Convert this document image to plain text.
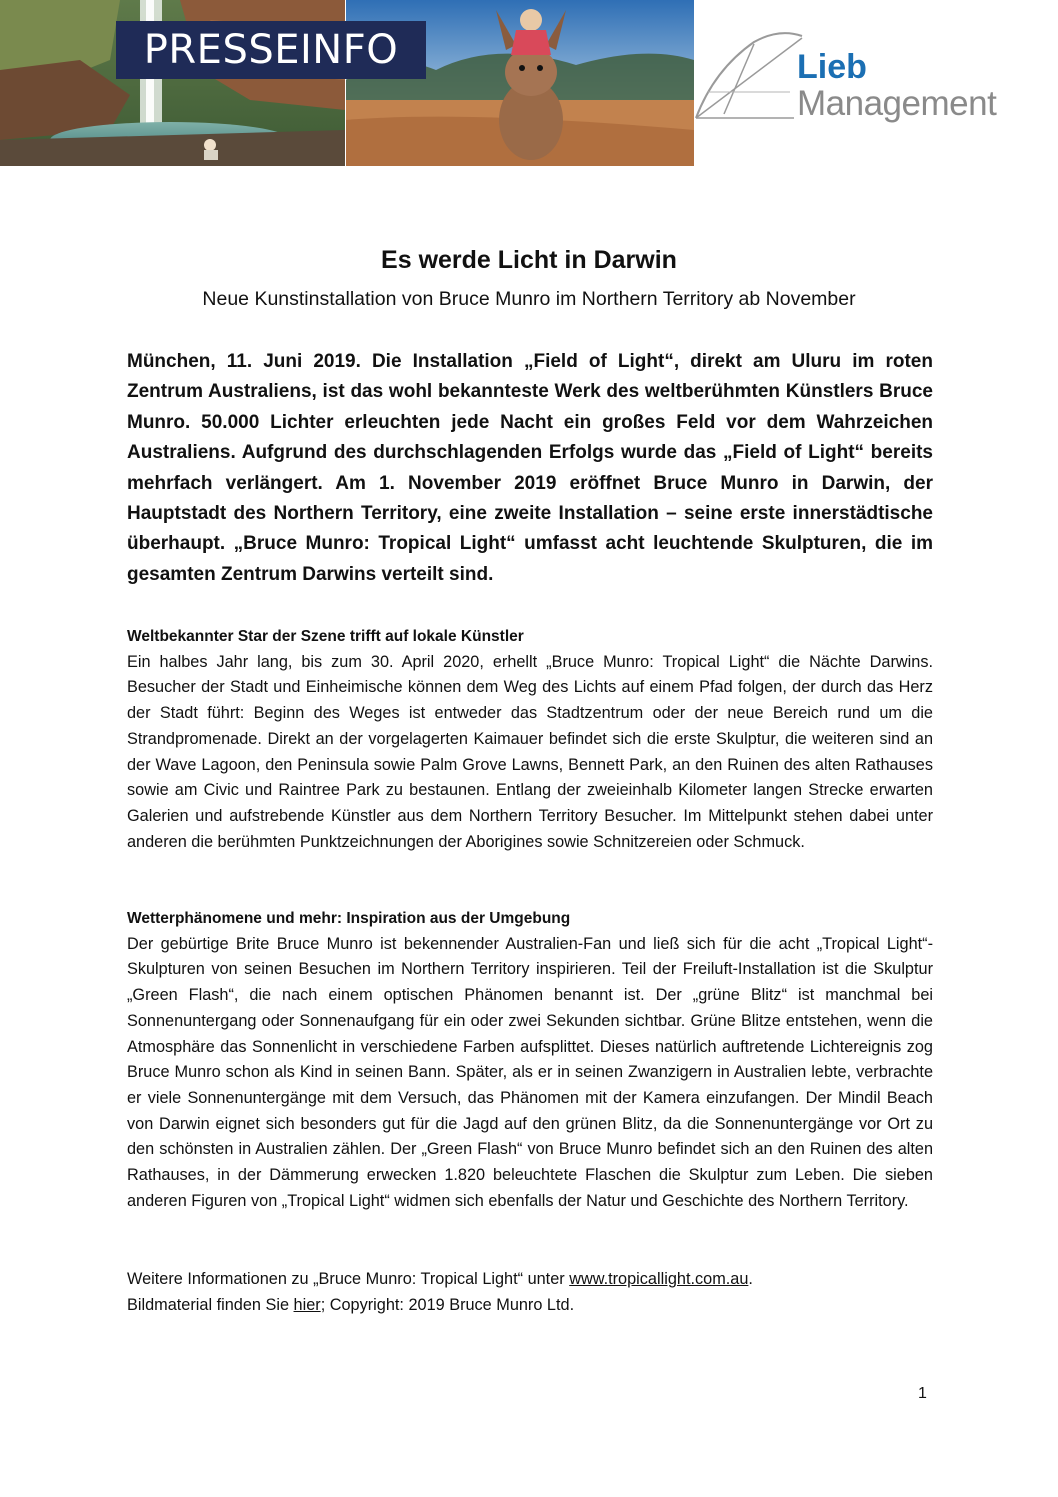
PRESSEINFO	Lieb
Management
Es werde Licht in Darwin
Neue Kunstinstallation von Bruce Munro im Northern Territory ab November
München, 11. Juni 2019. Die Installation „Field of Light“, direkt am Uluru im roten Zentrum Australiens, ist das wohl bekannteste Werk des weltberühmten Künstlers Bruce Munro. 50.000 Lichter erleuchten jede Nacht ein großes Feld vor dem Wahrzeichen Australiens. Aufgrund des durchschlagenden Erfolgs wurde das „Field of Light“ bereits mehrfach verlängert. Am 1. November 2019 eröffnet Bruce Munro in Darwin, der Hauptstadt des Northern Territory, eine zweite Installation – seine erste innerstädtische überhaupt. „Bruce Munro: Tropical Light“ umfasst acht leuchtende Skulpturen, die im gesamten Zentrum Darwins verteilt sind.
Weltbekannter Star der Szene trifft auf lokale Künstler
Ein halbes Jahr lang, bis zum 30. April 2020, erhellt „Bruce Munro: Tropical Light“ die Nächte Darwins. Besucher der Stadt und Einheimische können dem Weg des Lichts auf einem Pfad folgen, der durch das Herz der Stadt führt: Beginn des Weges ist entweder das Stadtzentrum oder der neue Bereich rund um die Strandpromenade. Direkt an der vorgelagerten Kaimauer befindet sich die erste Skulptur, die weiteren sind an der Wave Lagoon, den Peninsula sowie Palm Grove Lawns, Bennett Park, an den Ruinen des alten Rathauses sowie am Civic und Raintree Park zu bestaunen. Entlang der zweieinhalb Kilometer langen Strecke erwarten Galerien und aufstrebende Künstler aus dem Northern Territory Besucher. Im Mittelpunkt stehen dabei unter anderen die berühmten Punktzeichnungen der Aborigines sowie Schnitzereien oder Schmuck.
Wetterphänomene und mehr: Inspiration aus der Umgebung
Der gebürtige Brite Bruce Munro ist bekennender Australien-Fan und ließ sich für die acht „Tropical Light“-Skulpturen von seinen Besuchen im Northern Territory inspirieren. Teil der Freiluft-Installation ist die Skulptur „Green Flash“, die nach einem optischen Phänomen benannt ist. Der „grüne Blitz“ ist manchmal bei Sonnenuntergang oder Sonnenaufgang für ein oder zwei Sekunden sichtbar. Grüne Blitze entstehen, wenn die Atmosphäre das Sonnenlicht in verschiedene Farben aufsplittet. Dieses natürlich auftretende Lichtereignis zog Bruce Munro schon als Kind in seinen Bann. Später, als er in seinen Zwanzigern in Australien lebte, verbrachte er viele Sonnenuntergänge mit dem Versuch, das Phänomen mit der Kamera einzufangen. Der Mindil Beach von Darwin eignet sich besonders gut für die Jagd auf den grünen Blitz, da die Sonnenuntergänge vor Ort zu den schönsten in Australien zählen. Der „Green Flash“ von Bruce Munro befindet sich an den Ruinen des alten Rathauses, in der Dämmerung erwecken 1.820 beleuchtete Flaschen die Skulptur zum Leben. Die sieben anderen Figuren von „Tropical Light“ widmen sich ebenfalls der Natur und Geschichte des Northern Territory.
Weitere Informationen zu „Bruce Munro: Tropical Light“ unter www.tropicallight.com.au.
Bildmaterial finden Sie hier; Copyright: 2019 Bruce Munro Ltd.
1
